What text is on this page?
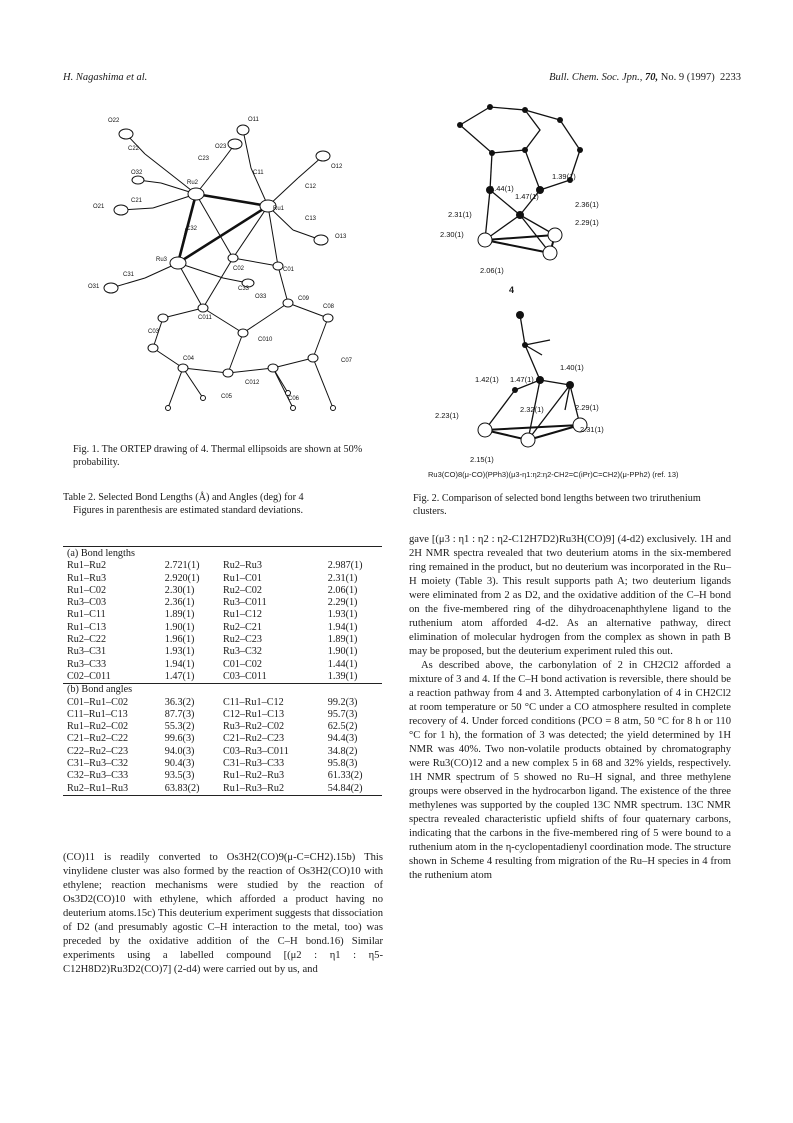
H. Nagashima et al.	Bull. Chem. Soc. Jpn., 70, No. 9 (1997) 2233
O22
C22
O11
O23
O12
C23
C11
O32
Ru2
C12
O21
C21
Ru1
C13
C32
O13
Ru3
C02	C01
C31
O31	C33
O33	C09
C08
C011
C03
C010
C04	C07
C06
C012
C05
Fig. 1. The ORTEP drawing of 4. Thermal ellipsoids are shown at 50% probability.
Table 2. Selected Bond Lengths (Å) and Angles (deg) for 4
Figures in parenthesis are estimated standard deviations.
(a) Bond lengths			
Ru1–Ru2	2.721(1)	Ru2–Ru3	2.987(1)
Ru1–Ru3	2.920(1)	Ru1–C01	2.31(1)
Ru1–C02	2.30(1)	Ru2–C02	2.06(1)
Ru3–C03	2.36(1)	Ru3–C011	2.29(1)
Ru1–C11	1.89(1)	Ru1–C12	1.93(1)
Ru1–C13	1.90(1)	Ru2–C21	1.94(1)
Ru2–C22	1.96(1)	Ru2–C23	1.89(1)
Ru3–C31	1.93(1)	Ru3–C32	1.90(1)
Ru3–C33	1.94(1)	C01–C02	1.44(1)
C02–C011	1.47(1)	C03–C011	1.39(1)
(b) Bond angles			
C01–Ru1–C02	36.3(2)	C11–Ru1–C12	99.2(3)
C11–Ru1–C13	87.7(3)	C12–Ru1–C13	95.7(3)
Ru1–Ru2–C02	55.3(2)	Ru3–Ru2–C02	62.5(2)
C21–Ru2–C22	99.6(3)	C21–Ru2–C23	94.4(3)
C22–Ru2–C23	94.0(3)	C03–Ru3–C011	34.8(2)
C31–Ru3–C32	90.4(3)	C31–Ru3–C33	95.8(3)
C32–Ru3–C33	93.5(3)	Ru1–Ru2–Ru3	61.33(2)
Ru2–Ru1–Ru3	63.83(2)	Ru1–Ru3–Ru2	54.84(2)

(CO)11 is readily converted to Os3H2(CO)9(μ-C=CH2).15b) This vinylidene cluster was also formed by the reaction of Os3H2(CO)10 with ethylene; reaction mechanisms were studied by the reaction of Os3D2(CO)10 with ethylene, which afforded a product having no deuterium atoms.15c) This deuterium experiment suggests that dissociation of D2 (and presumably agostic C–H interaction to the metal, too) was preceded by the oxidative addition of the C–H bond.16) Similar experiments using a labelled compound [(μ2 : η1 : η5-C12H8D2)Ru3D2(CO)7] (2-d4) were carried out by us, and

1.39(1)
1.44(1)
1.47(1)
2.36(1)
2.31(1)
2.29(1)
2.30(1)
2.06(1)
4
1.40(1)
1.42(1) 1.47(1)
2.32(1)	2.29(1)
2.23(1)
2.31(1)
2.15(1)
Ru3(CO)8(μ-CO)(PPh3)(μ3-η1:η2:η2-CH2=C(iPr)C=CH2)(μ-PPh2) (ref. 13)
Fig. 2. Comparison of selected bond lengths between two triruthenium clusters.

gave [(μ3 : η1 : η2 : η2-C12H7D2)Ru3H(CO)9] (4-d2) exclusively. 1H and 2H NMR spectra revealed that two deuterium atoms in the six-membered ring remained in the product, but no deuterium was incorporated in the Ru–H moiety (Table 3). This result supports path A; two deuterium ligands were eliminated from 2 as D2, and the oxidative addition of the C–H bond on the five-membered ring of the dihydroacenaphthylene ligand to the ruthenium atom afforded 4-d2. As an alternative pathway, direct elimination of molecular hydrogen from the complex as shown in path B may be proposed, but the deuterium experiment ruled this out.

As described above, the carbonylation of 2 in CH2Cl2 afforded a mixture of 3 and 4. If the C–H bond activation is reversible, there should be a reaction pathway from 4 and 3. Attempted carbonylation of 4 in CH2Cl2 at room temperature or 50 °C under a CO atmosphere resulted in complete recovery of 4. Under forced conditions (PCO = 8 atm, 50 °C for 8 h or 110 °C for 1 h), the formation of 3 was detected; the yield determined by 1H NMR was 40%. Two non-volatile products obtained by chromatography were Ru3(CO)12 and a new complex 5 in 68 and 32% yields, respectively. 1H NMR spectrum of 5 showed no Ru–H signal, and three methylene groups were observed in the hydrocarbon ligand. The existence of the three methylenes was supported by the coupled 13C NMR spectrum. 13C NMR spectra revealed characteristic upfield shifts of four quaternary carbons, indicating that the carbons in the five-membered ring of 5 were bound to a ruthenium atom in the η-cyclopentadienyl coordination mode. The structure shown in Scheme 4 resulting from migration of the Ru–H species in 4 from the ruthenium atom
